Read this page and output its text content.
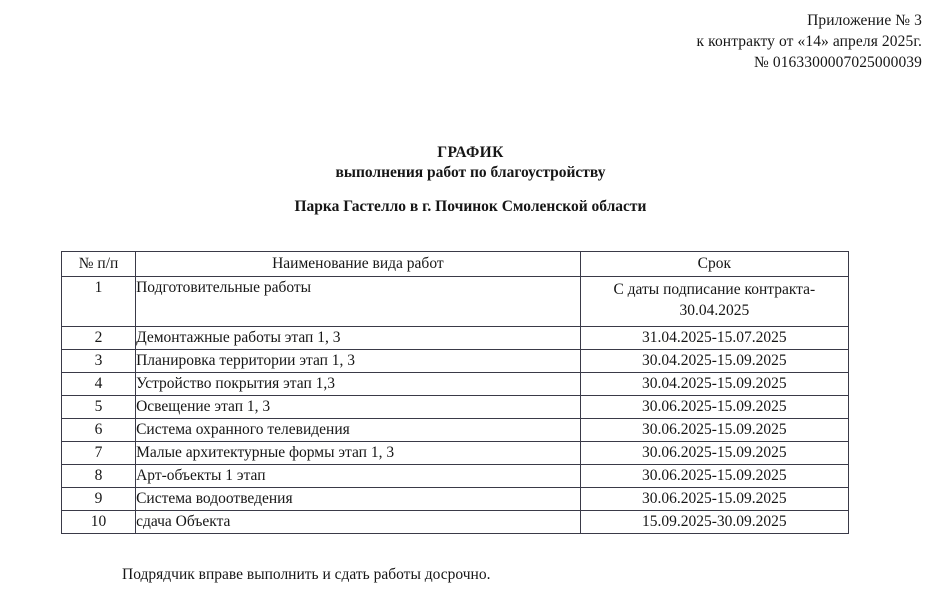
Приложение № 3
к контракту от «14» апреля 2025г.
№ 0163300007025000039
ГРАФИК
выполнения работ по благоустройству
Парка Гастелло в г. Починок Смоленской области
№ п/п	Наименование вида работ	Срок
1	Подготовительные работы	С даты подписание контракта-
30.04.2025

2	Демонтажные работы этап 1, 3	31.04.2025-15.07.2025
3	Планировка территории этап 1, 3	30.04.2025-15.09.2025
4	Устройство покрытия этап 1,3	30.04.2025-15.09.2025
5	Освещение этап 1, 3	30.06.2025-15.09.2025
6	Система охранного телевидения	30.06.2025-15.09.2025
7	Малые архитектурные формы этап 1, 3	30.06.2025-15.09.2025
8	Арт-объекты 1 этап	30.06.2025-15.09.2025
9	Система водоотведения	30.06.2025-15.09.2025
10	сдача Объекта	15.09.2025-30.09.2025
Подрядчик вправе выполнить и сдать работы досрочно.
